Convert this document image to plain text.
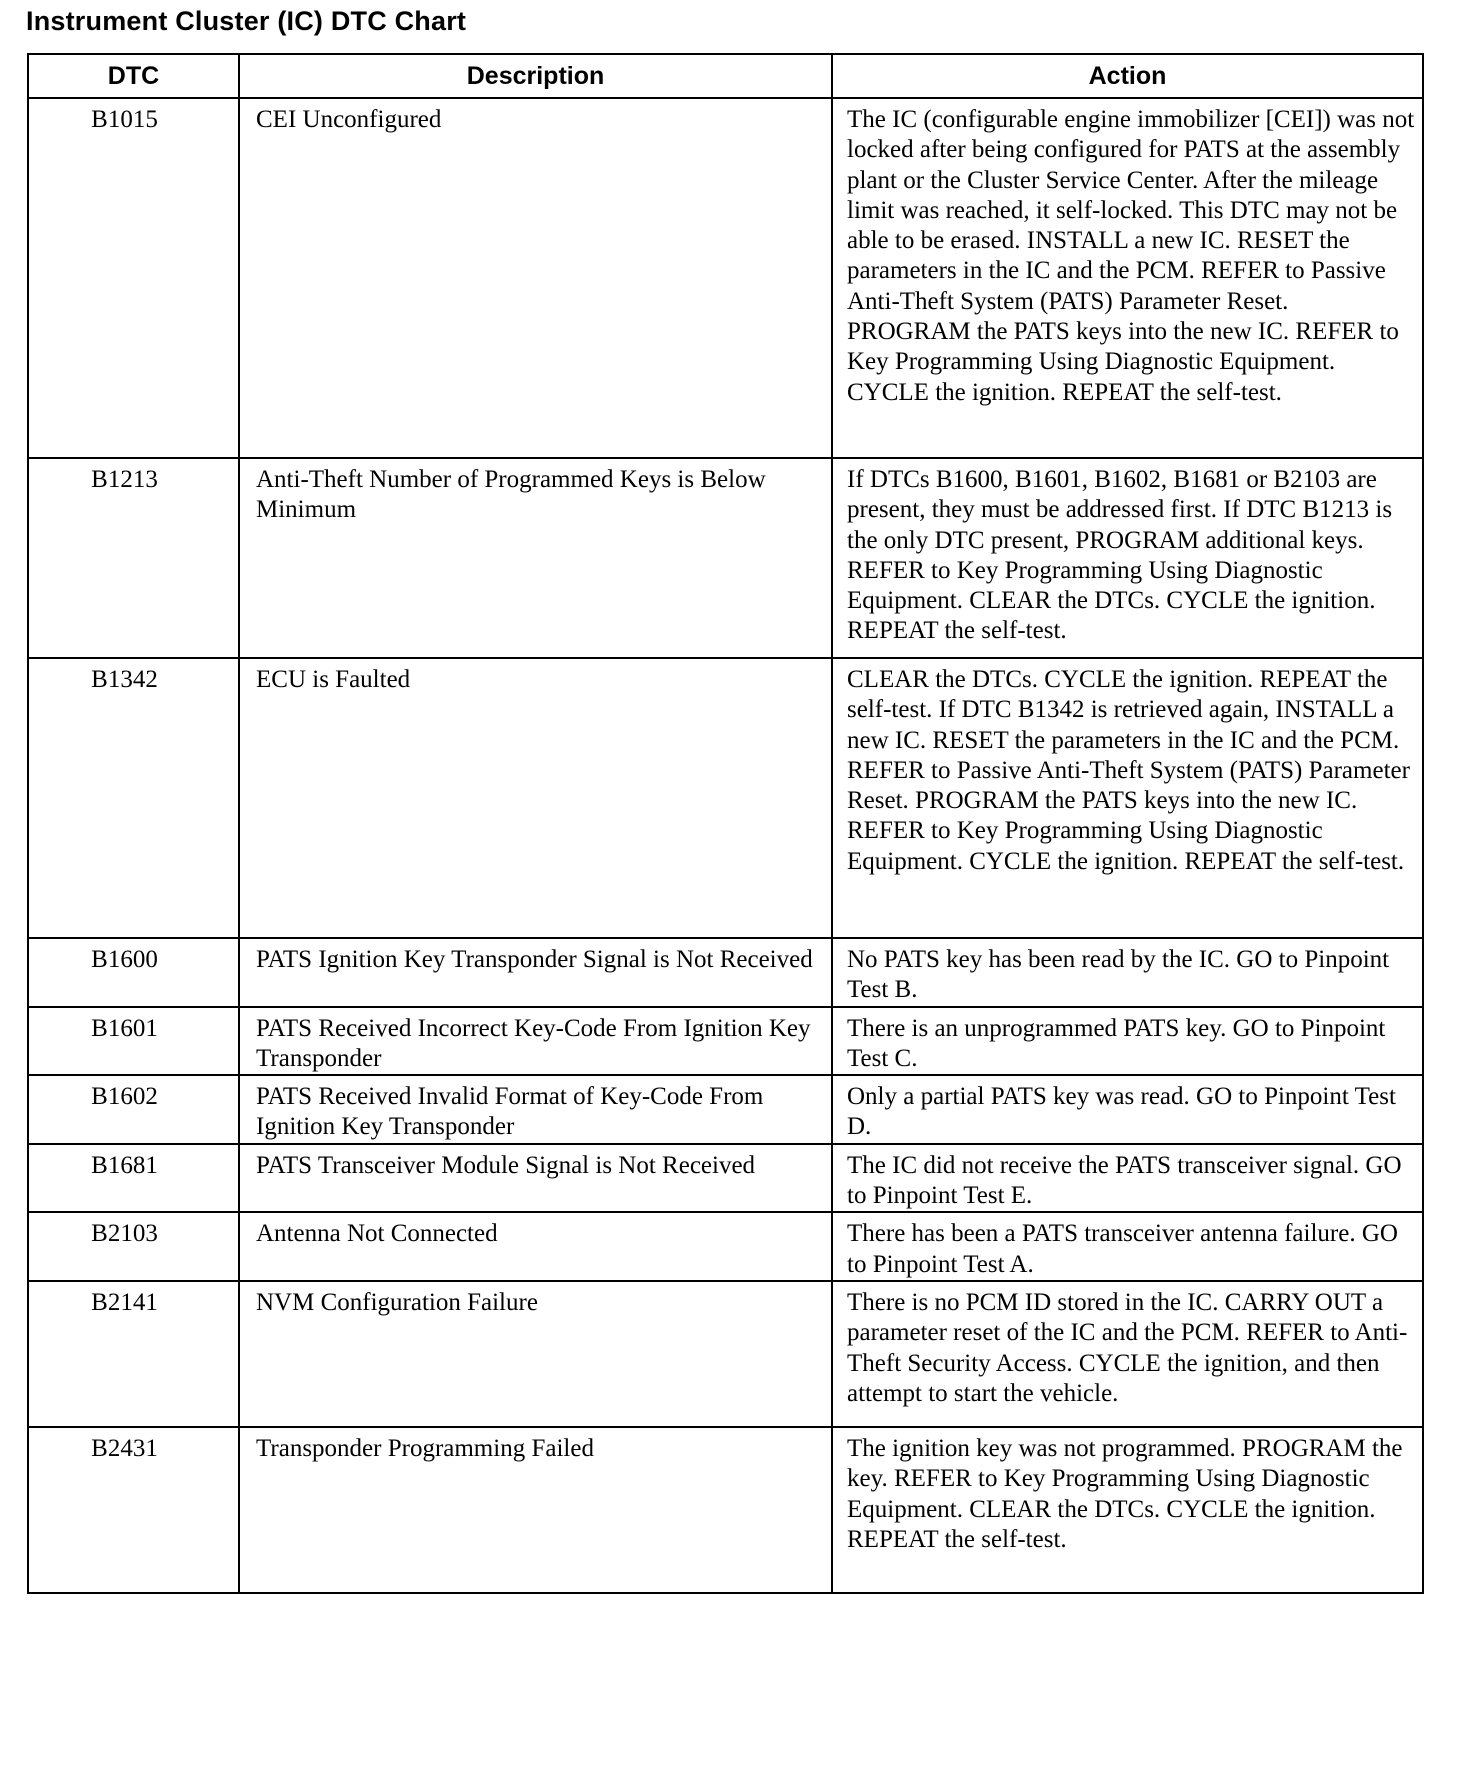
Instrument Cluster (IC) DTC Chart
DTC	Description	Action
B1015	CEI Unconfigured	The IC (configurable engine immobilizer [CEI]) was not locked after being configured for PATS at the assembly plant or the Cluster Service Center. After the mileage limit was reached, it self-locked. This DTC may not be able to be erased. INSTALL a new IC. RESET the parameters in the IC and the PCM. REFER to Passive Anti-Theft System (PATS) Parameter Reset. PROGRAM the PATS keys into the new IC. REFER to Key Programming Using Diagnostic Equipment. CYCLE the ignition. REPEAT the self-test.
B1213	Anti-Theft Number of Programmed Keys is Below Minimum	If DTCs B1600, B1601, B1602, B1681 or B2103 are present, they must be addressed first. If DTC B1213 is the only DTC present, PROGRAM additional keys. REFER to Key Programming Using Diagnostic Equipment. CLEAR the DTCs. CYCLE the ignition. REPEAT the self-test.
B1342	ECU is Faulted	CLEAR the DTCs. CYCLE the ignition. REPEAT the self-test. If DTC B1342 is retrieved again, INSTALL a new IC. RESET the parameters in the IC and the PCM. REFER to Passive Anti-Theft System (PATS) Parameter Reset. PROGRAM the PATS keys into the new IC. REFER to Key Programming Using Diagnostic Equipment. CYCLE the ignition. REPEAT the self-test.
B1600	PATS Ignition Key Transponder Signal is Not Received	No PATS key has been read by the IC. GO to Pinpoint Test B.
B1601	PATS Received Incorrect Key-Code From Ignition Key Transponder	There is an unprogrammed PATS key. GO to Pinpoint Test C.
B1602	PATS Received Invalid Format of Key-Code From Ignition Key Transponder	Only a partial PATS key was read. GO to Pinpoint Test D.
B1681	PATS Transceiver Module Signal is Not Received	The IC did not receive the PATS transceiver signal. GO to Pinpoint Test E.
B2103	Antenna Not Connected	There has been a PATS transceiver antenna failure. GO to Pinpoint Test A.
B2141	NVM Configuration Failure	There is no PCM ID stored in the IC. CARRY OUT a parameter reset of the IC and the PCM. REFER to Anti-Theft Security Access. CYCLE the ignition, and then attempt to start the vehicle.
B2431	Transponder Programming Failed	The ignition key was not programmed. PROGRAM the key. REFER to Key Programming Using Diagnostic Equipment. CLEAR the DTCs. CYCLE the ignition. REPEAT the self-test.
